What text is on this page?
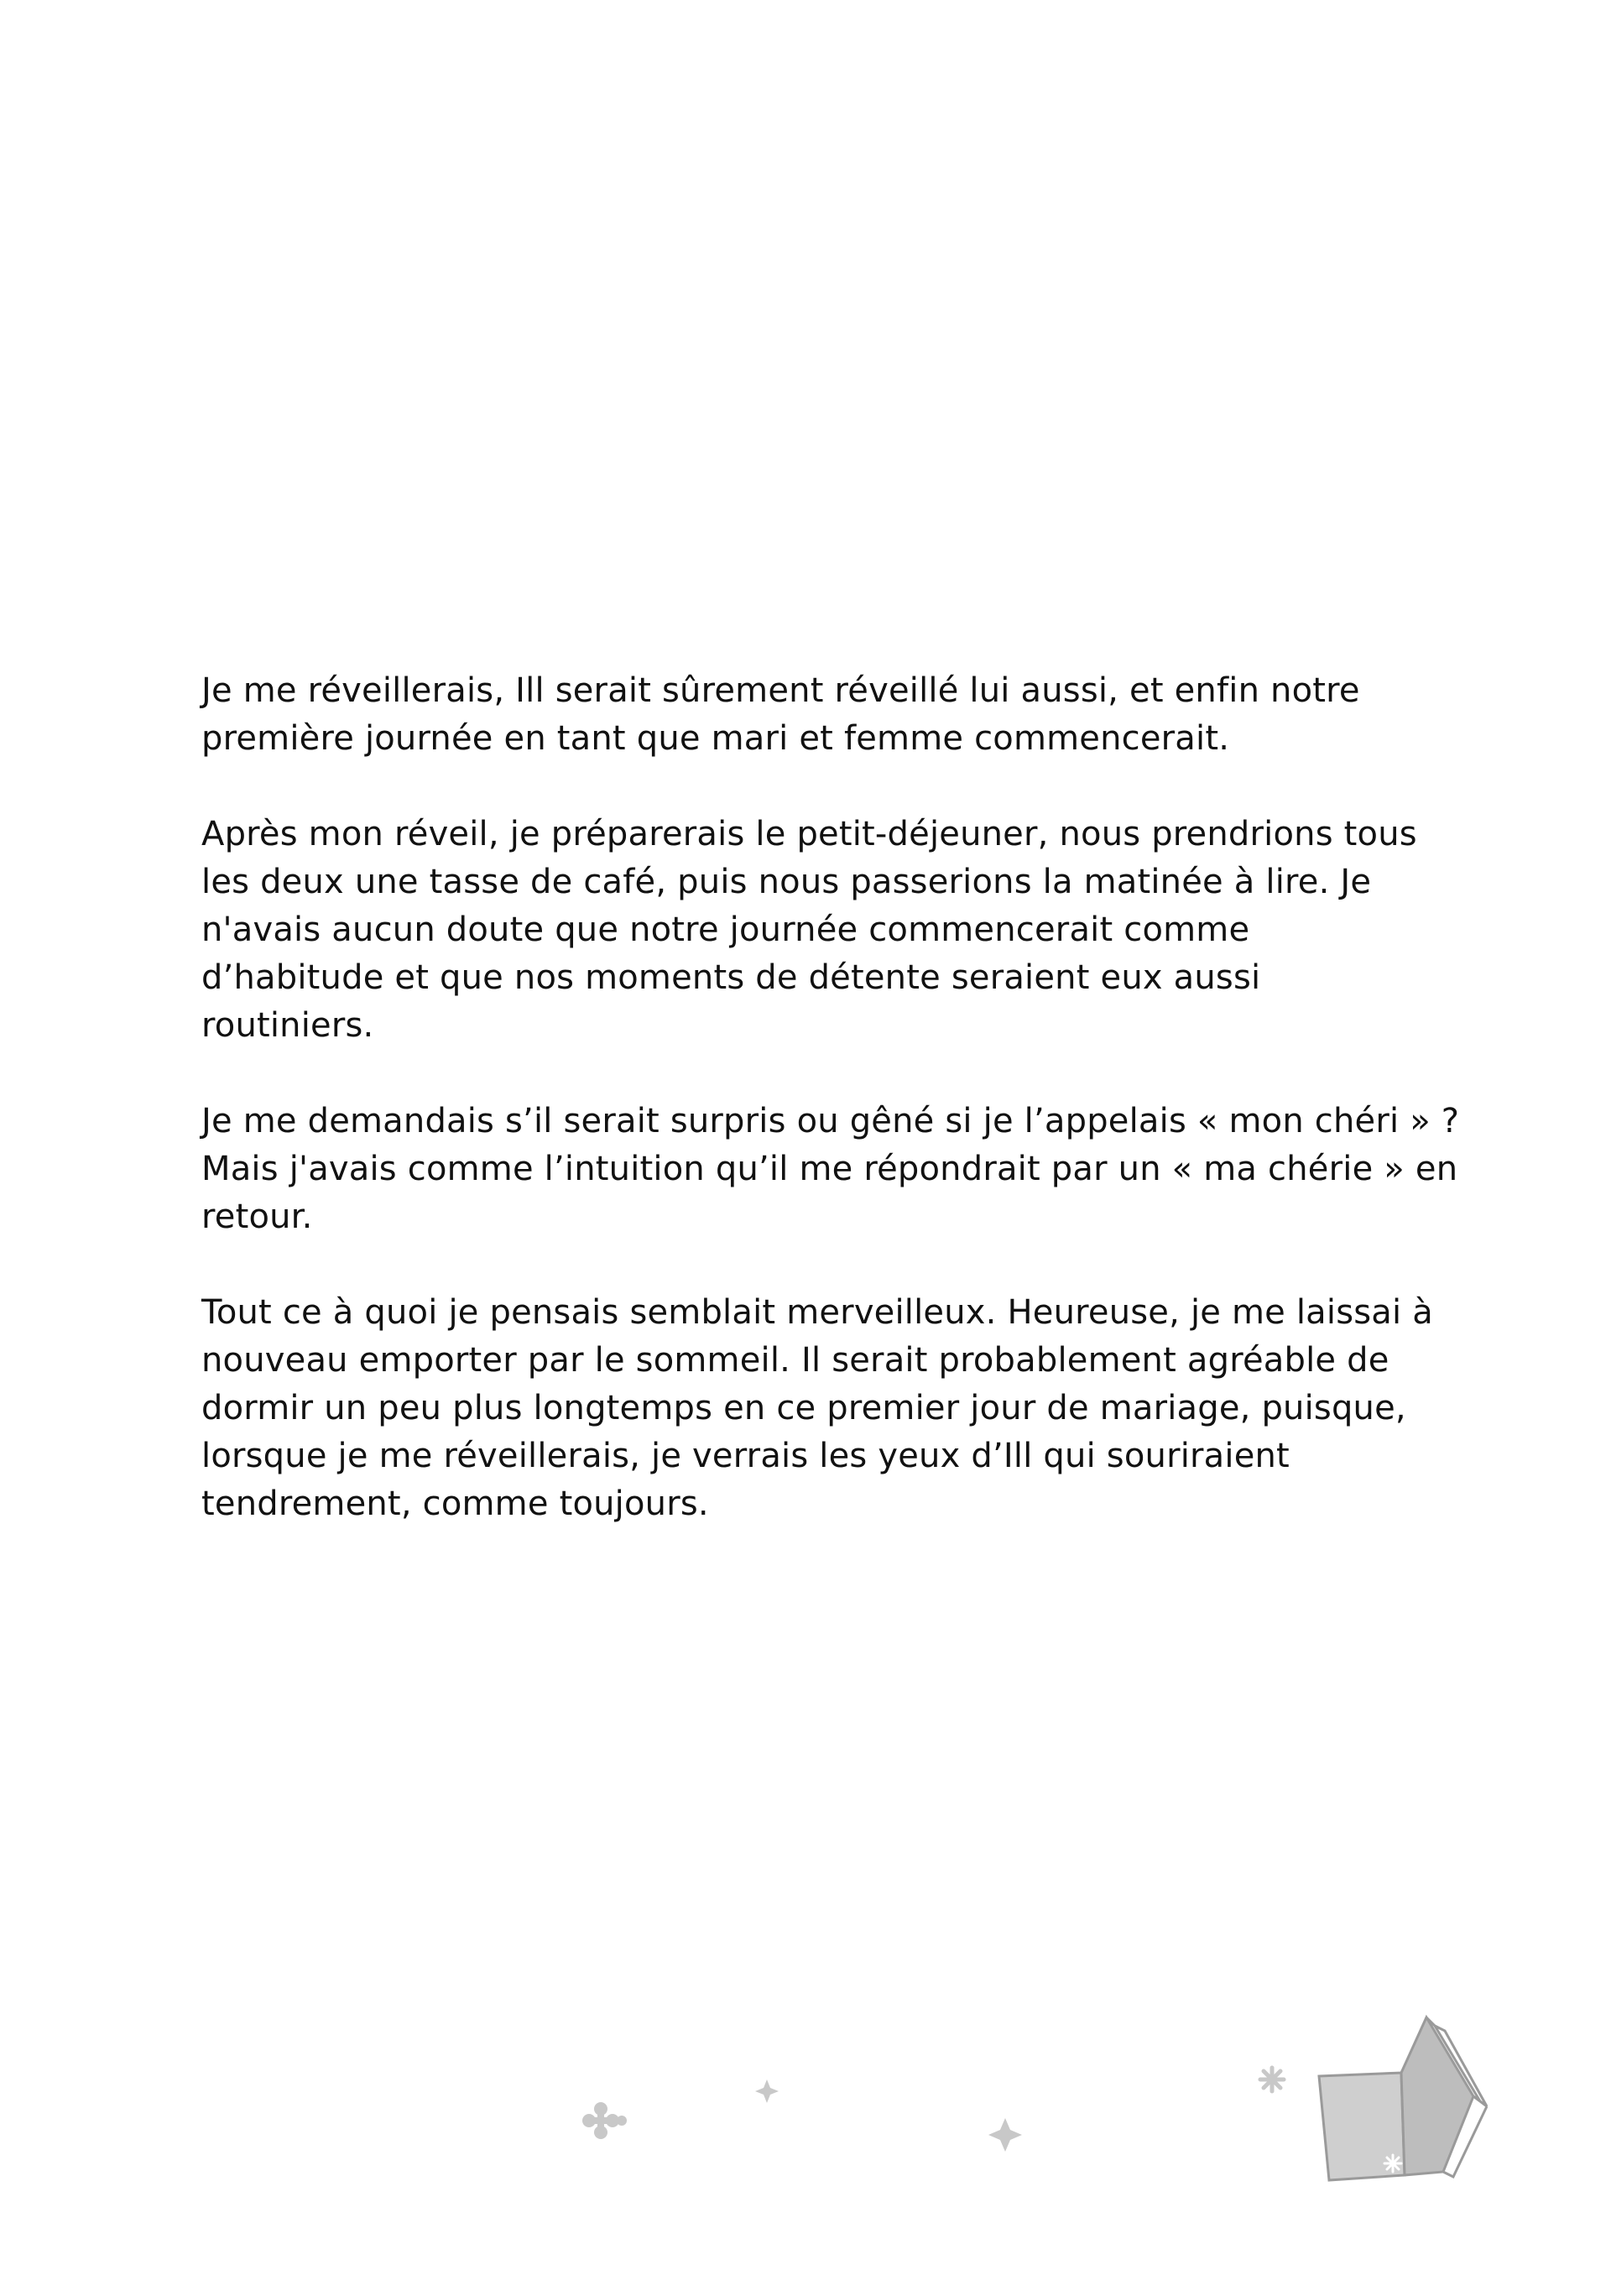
Je me réveillerais, Ill serait sûrement réveillé lui aussi, et enfin notre
première journée en tant que mari et femme commencerait.

Après mon réveil, je préparerais le petit-déjeuner, nous prendrions tous
les deux une tasse de café, puis nous passerions la matinée à lire. Je
n'avais aucun doute que notre journée commencerait comme
d’habitude et que nos moments de détente seraient eux aussi
routiniers.

Je me demandais s’il serait surpris ou gêné si je l’appelais « mon chéri » ?
Mais j'avais comme l’intuition qu’il me répondrait par un « ma chérie » en
retour.

Tout ce à quoi je pensais semblait merveilleux. Heureuse, je me laissai à
nouveau emporter par le sommeil. Il serait probablement agréable de
dormir un peu plus longtemps en ce premier jour de mariage, puisque,
lorsque je me réveillerais, je verrais les yeux d’Ill qui souriraient
tendrement, comme toujours.
